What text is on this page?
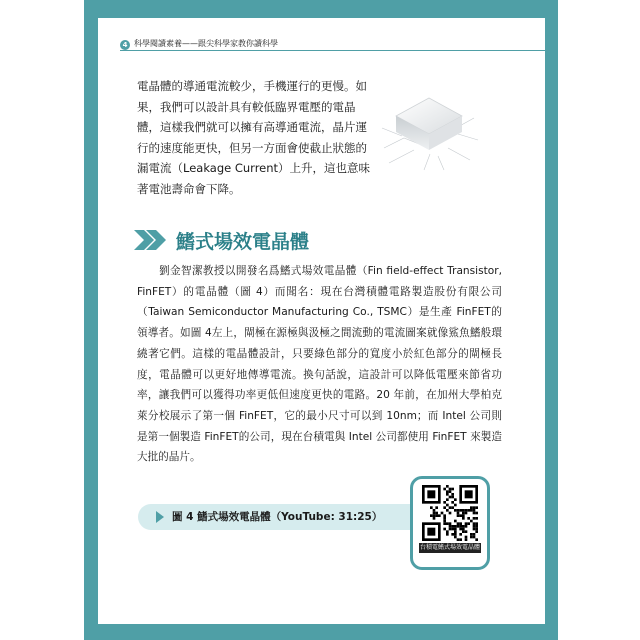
4 科學閱讀素養——跟尖科學家教你讀科學

電晶體的導通電流較少，手機運行的更慢。如果，我們可以設計具有較低臨界電壓的電晶體，這樣我們就可以擁有高導通電流，晶片運行的速度能更快，但另一方面會使截止狀態的漏電流（Leakage Current）上升，這也意味著電池壽命會下降。

鰭式場效電晶體

劉金智潔教授以開發名爲鰭式場效電晶體（Fin field-effect Transistor, FinFET）的電晶體（圖 4）而聞名：現在台灣積體電路製造股份有限公司（Taiwan Semiconductor Manufacturing Co., TSMC）是生產 FinFET的領導者。如圖 4左上，閘極在源極與汲極之間流動的電流圖案就像鯊魚鰭般環繞著它們。這樣的電晶體設計，只要綠色部分的寬度小於紅色部分的閘極長度，電晶體可以更好地傳導電流。換句話說，這設計可以降低電壓來節省功率，讓我們可以獲得功率更低但速度更快的電路。20 年前，在加州大學柏克萊分校展示了第一個 FinFET，它的最小尺寸可以到 10nm；而 Intel 公司則是第一個製造 FinFET的公司，現在台積電與 Intel 公司都使用 FinFET 來製造大批的晶片。

圖 4 鰭式場效電晶體（YouTube: 31:25）
台積電鰭式場效電晶體
